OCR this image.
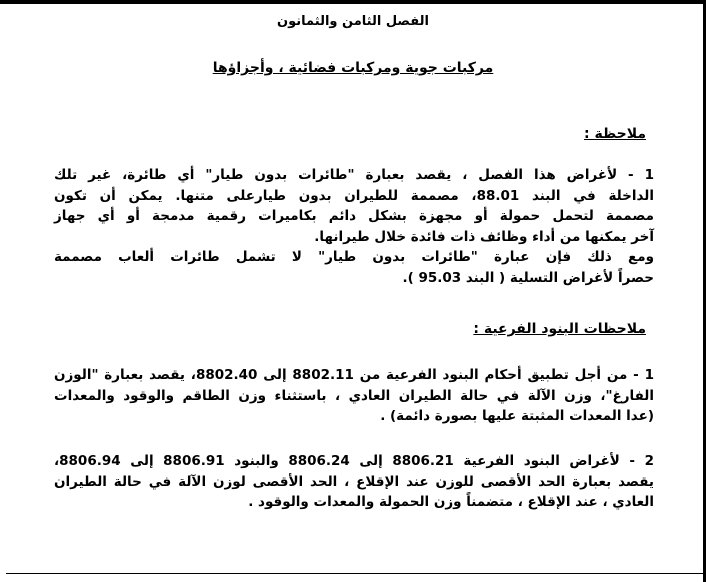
الفصل الثامن والثمانون
مركبات جوية ومركبات فضائية ، وأجزاؤها
ملاحظة :
1 - لأغراض هذا الفصل ، يقصد بعبارة "طائرات بدون طيار" أي طائرة، غير تلك
الداخلة في البند 88.01، مصممة للطيران بدون طيارعلى متنها. يمكن أن تكون
مصممة لتحمل حمولة أو مجهزة بشكل دائم بكاميرات رقمية مدمجة أو أي جهاز
آخر يمكنها من أداء وظائف ذات فائدة خلال طيرانها.
ومع ذلك فإن عبارة "طائرات بدون طيار" لا تشمل طائرات ألعاب مصممة
حصراً لأغراض التسلية ( البند 95.03 ).
ملاحظات البنود الفرعية :
1 - من أجل تطبيق أحكام البنود الفرعية من 8802.11 إلى 8802.40، يقصد بعبارة "الوزن
الفارغ"، وزن الآلة في حالة الطيران العادي ، باستثناء وزن الطاقم والوقود والمعدات
(عدا المعدات المثبتة عليها بصورة دائمة) .
2 - لأغراض البنود الفرعية 8806.21 إلى 8806.24 والبنود 8806.91 إلى 8806.94،
يقصد بعبارة الحد الأقصى للوزن عند الإقلاع ، الحد الأقصى لوزن الآلة في حالة الطيران
العادي ، عند الإقلاع ، متضمناً وزن الحمولة والمعدات والوقود .
